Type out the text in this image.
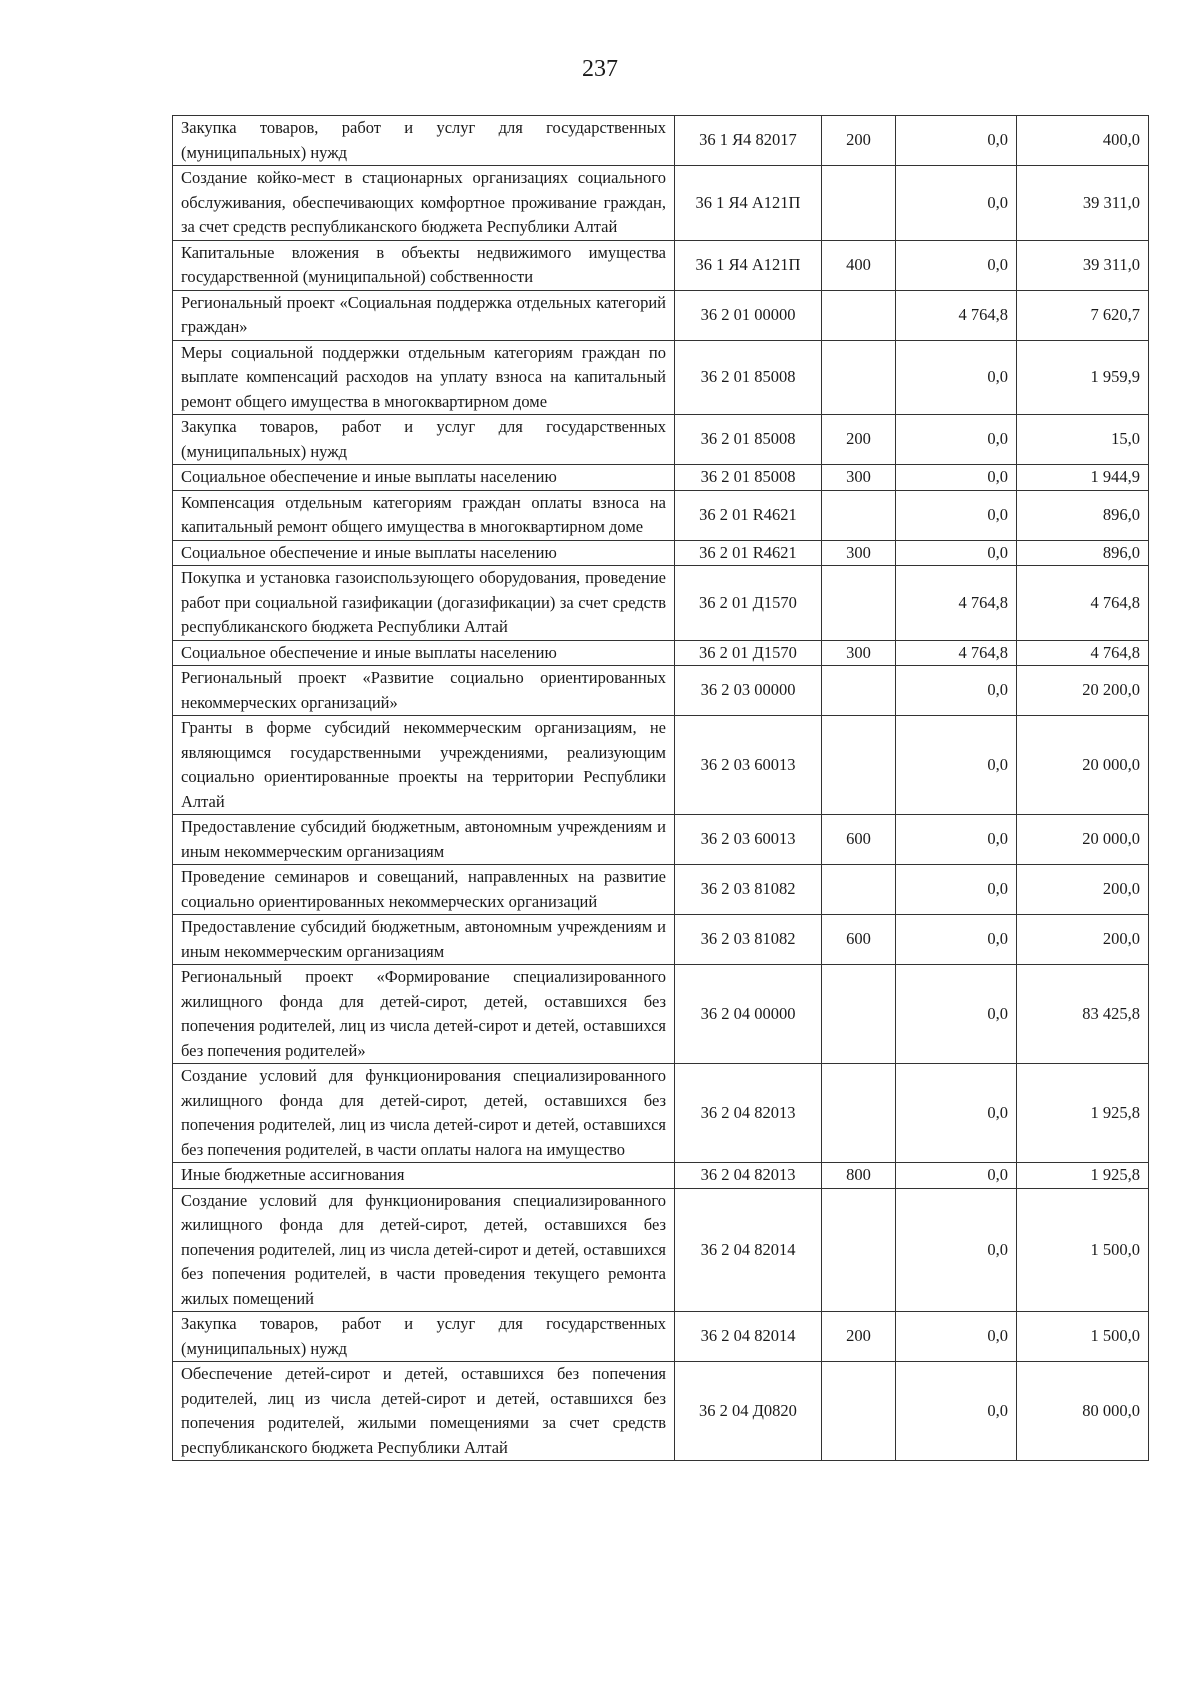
237
Закупка товаров, работ и услуг для государственных (муниципальных) нужд	36 1 Я4 82017	200	0,0	400,0
Создание койко-мест в стационарных организациях социального обслуживания, обеспечивающих комфортное проживание граждан, за счет средств республиканского бюджета Республики Алтай	36 1 Я4 А121П		0,0	39 311,0
Капитальные вложения в объекты недвижимого имущества государственной (муниципальной) собственности	36 1 Я4 А121П	400	0,0	39 311,0
Региональный проект «Социальная поддержка отдельных категорий граждан»	36 2 01 00000		4 764,8	7 620,7
Меры социальной поддержки отдельным категориям граждан по выплате компенсаций расходов на уплату взноса на капитальный ремонт общего имущества в многоквартирном доме	36 2 01 85008		0,0	1 959,9
Закупка товаров, работ и услуг для государственных (муниципальных) нужд	36 2 01 85008	200	0,0	15,0
Социальное обеспечение и иные выплаты населению	36 2 01 85008	300	0,0	1 944,9
Компенсация отдельным категориям граждан оплаты взноса на капитальный ремонт общего имущества в многоквартирном доме	36 2 01 R4621		0,0	896,0
Социальное обеспечение и иные выплаты населению	36 2 01 R4621	300	0,0	896,0
Покупка и установка газоиспользующего оборудования, проведение работ при социальной газификации (догазификации) за счет средств республиканского бюджета Республики Алтай	36 2 01 Д1570		4 764,8	4 764,8
Социальное обеспечение и иные выплаты населению	36 2 01 Д1570	300	4 764,8	4 764,8
Региональный проект «Развитие социально ориентированных некоммерческих организаций»	36 2 03 00000		0,0	20 200,0
Гранты в форме субсидий некоммерческим организациям, не являющимся государственными учреждениями, реализующим социально ориентированные проекты на территории Республики Алтай	36 2 03 60013		0,0	20 000,0
Предоставление субсидий бюджетным, автономным учреждениям и иным некоммерческим организациям	36 2 03 60013	600	0,0	20 000,0
Проведение семинаров и совещаний, направленных на развитие социально ориентированных некоммерческих организаций	36 2 03 81082		0,0	200,0
Предоставление субсидий бюджетным, автономным учреждениям и иным некоммерческим организациям	36 2 03 81082	600	0,0	200,0
Региональный проект «Формирование специализированного жилищного фонда для детей-сирот, детей, оставшихся без попечения родителей, лиц из числа детей-сирот и детей, оставшихся без попечения родителей»	36 2 04 00000		0,0	83 425,8
Создание условий для функционирования специализированного жилищного фонда для детей-сирот, детей, оставшихся без попечения родителей, лиц из числа детей-сирот и детей, оставшихся без попечения родителей, в части оплаты налога на имущество	36 2 04 82013		0,0	1 925,8
Иные бюджетные ассигнования	36 2 04 82013	800	0,0	1 925,8
Создание условий для функционирования специализированного жилищного фонда для детей-сирот, детей, оставшихся без попечения родителей, лиц из числа детей-сирот и детей, оставшихся без попечения родителей, в части проведения текущего ремонта жилых помещений	36 2 04 82014		0,0	1 500,0
Закупка товаров, работ и услуг для государственных (муниципальных) нужд	36 2 04 82014	200	0,0	1 500,0
Обеспечение детей-сирот и детей, оставшихся без попечения родителей, лиц из числа детей-сирот и детей, оставшихся без попечения родителей, жилыми помещениями за счет средств республиканского бюджета Республики Алтай	36 2 04 Д0820		0,0	80 000,0
